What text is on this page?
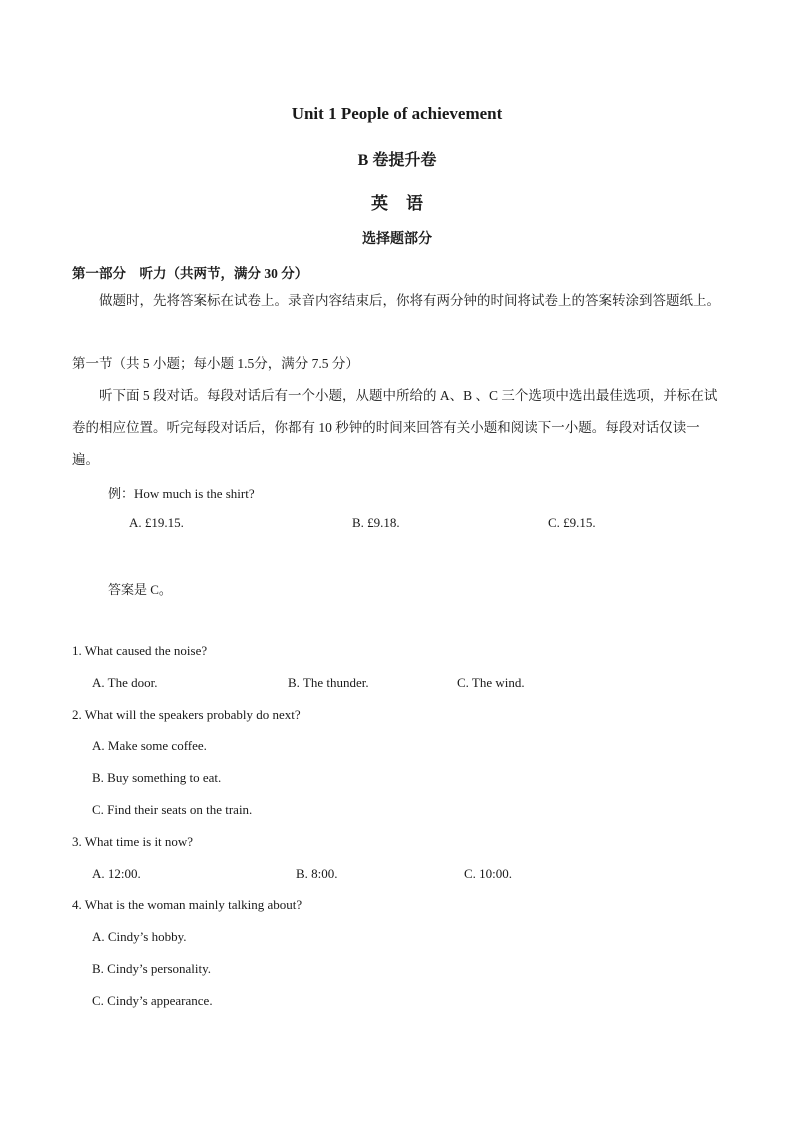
Unit 1 People of achievement
B 卷提升卷
英语
选择题部分
第一部分　听力（共两节，满分 30 分）
做题时，先将答案标在试卷上。录音内容结束后，你将有两分钟的时间将试卷上的答案转涂到答题纸上。
第一节（共 5 小题；每小题 1.5分，满分 7.5 分）
听下面 5 段对话。每段对话后有一个小题，从题中所给的 A、B 、C 三个选项中选出最佳选项，并标在试卷的相应位置。听完每段对话后，你都有 10 秒钟的时间来回答有关小题和阅读下一小题。每段对话仅读一遍。
例：How much is the shirt?
A. £19.15.	B. £9.18.	C. £9.15.
答案是 C。
1. What caused the noise?
A. The door.	B. The thunder.	C. The wind.
2. What will the speakers probably do next?
A. Make some coffee.
B. Buy something to eat.
C. Find their seats on the train.
3. What time is it now?
A. 12:00.	B. 8:00.	C. 10:00.
4. What is the woman mainly talking about?
A. Cindy’s hobby.
B. Cindy’s personality.
C. Cindy’s appearance.
